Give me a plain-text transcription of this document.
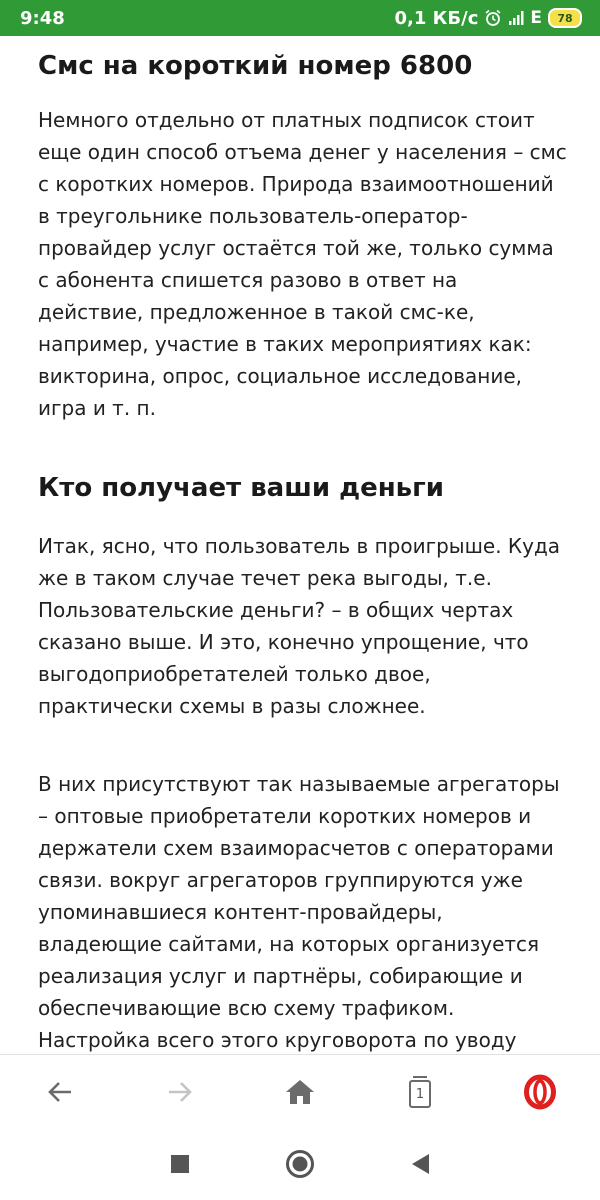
9:48	0,1 КБ/с	E 78
Смс на короткий номер 6800

Немного отдельно от платных подписок стоит еще один способ отъема денег у населения – смс с коротких номеров. Природа взаимоотношений в треугольнике пользователь-оператор-провайдер услуг остаётся той же, только сумма с абонента спишется разово в ответ на действие, предложенное в такой смс-ке, например, участие в таких мероприятиях как: викторина, опрос, социальное исследование, игра и т. п.

Кто получает ваши деньги

Итак, ясно, что пользователь в проигрыше. Куда же в таком случае течет река выгоды, т.е. Пользовательские деньги? – в общих чертах сказано выше. И это, конечно упрощение, что выгодоприобретателей только двое, практически схемы в разы сложнее.

В них присутствуют так называемые агрегаторы – оптовые приобретатели коротких номеров и держатели схем взаиморасчетов с операторами связи. вокруг агрегаторов группируются уже упоминавшиеся контент-провайдеры, владеющие сайтами, на которых организуется реализация услуг и партнёры, собирающие и обеспечивающие всю схему трафиком. Настройка всего этого круговорота по уводу

1
